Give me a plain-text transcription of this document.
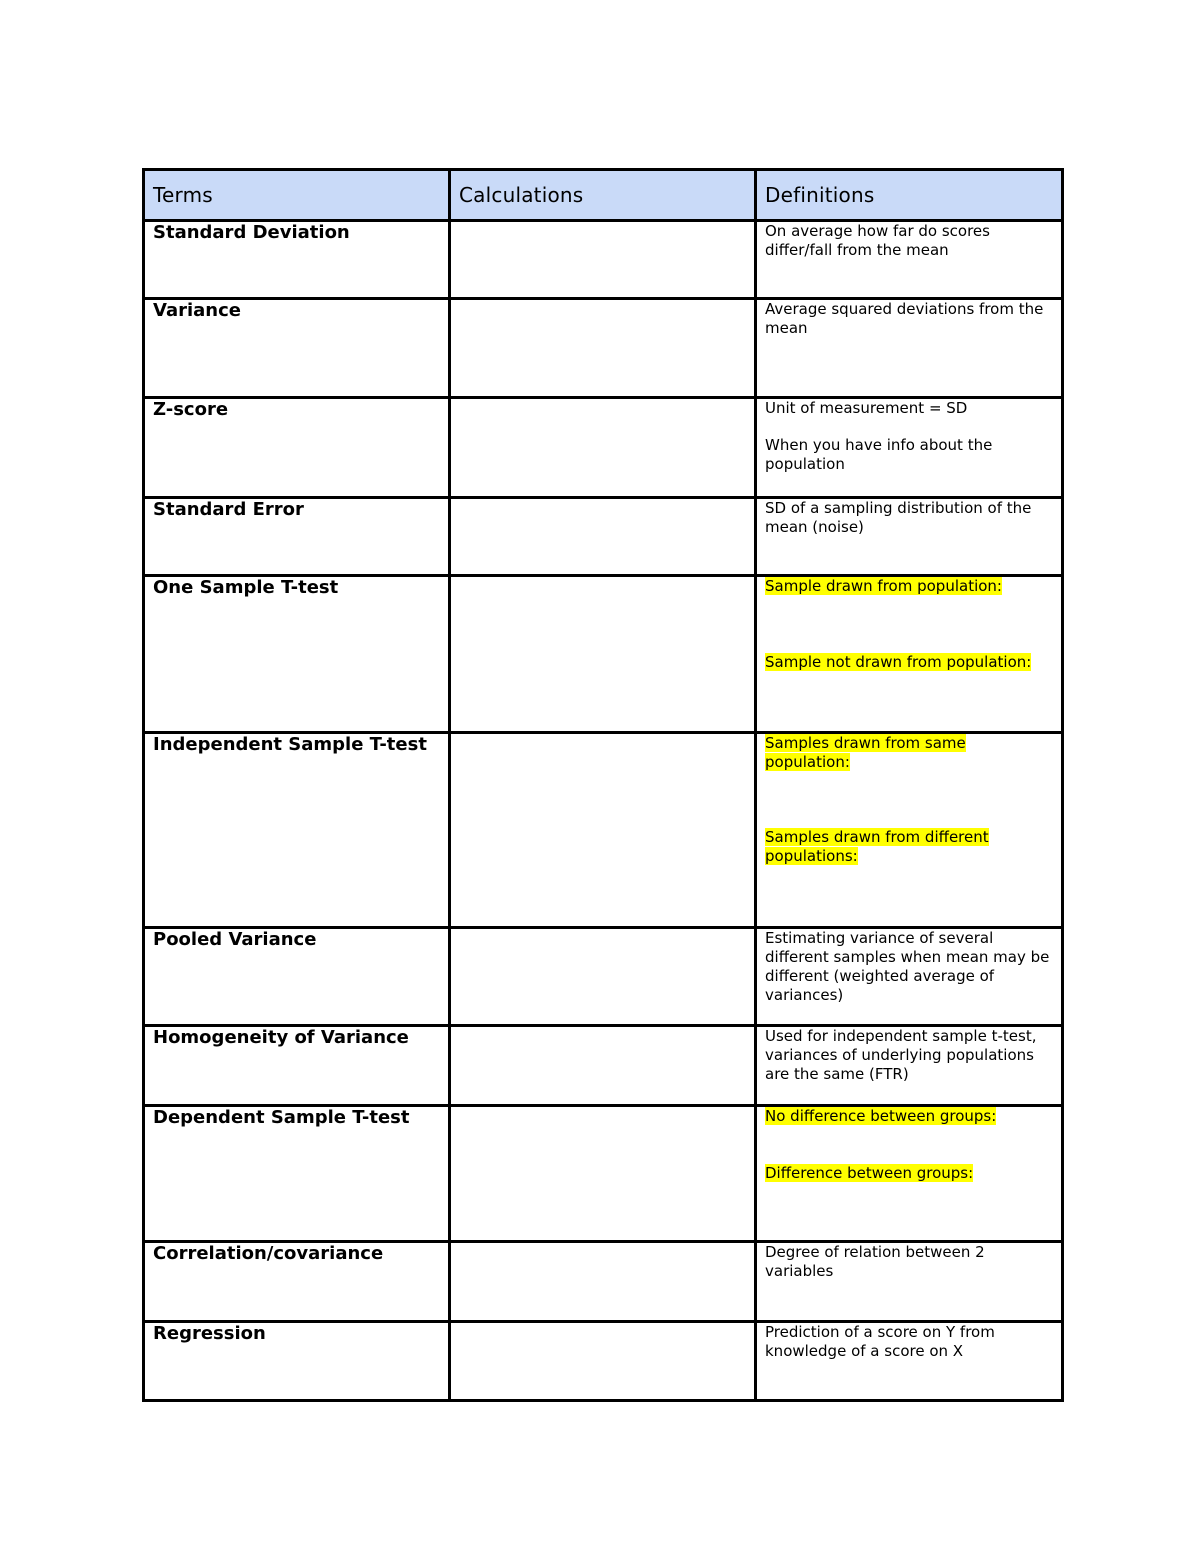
Terms	Calculations	Definitions
Standard Deviation		On average how far do scores differ/fall from the mean

Variance		Average squared deviations from the mean

Z-score		Unit of measurement = SD

When you have info about the population

Standard Error		SD of a sampling distribution of the mean (noise)

One Sample T-test		Sample drawn from population:

Sample not drawn from population:

Independent Sample T-test		Samples drawn from same population:

Samples drawn from different populations:

Pooled Variance		Estimating variance of several different samples when mean may be different (weighted average of variances)

Homogeneity of Variance		Used for independent sample t-test, variances of underlying populations are the same (FTR)

Dependent Sample T-test		No difference between groups:

Difference between groups:

Correlation/covariance		Degree of relation between 2 variables

Regression		Prediction of a score on Y from knowledge of a score on X
